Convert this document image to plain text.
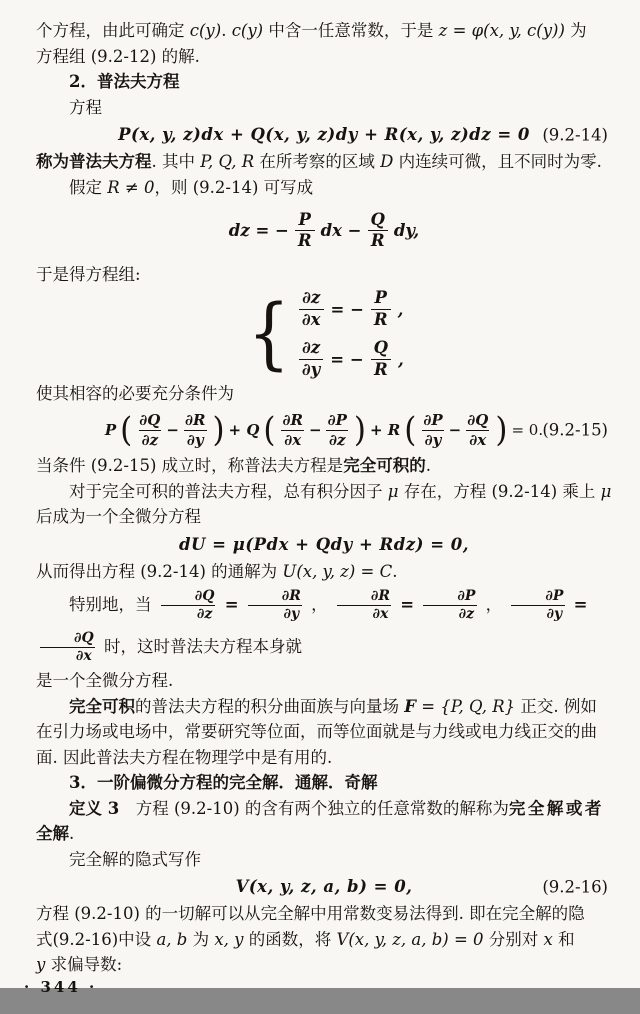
个方程，由此可确定 c(y). c(y) 中含一任意常数，于是 z = φ(x, y, c(y)) 为
方程组 (9.2-12) 的解.
2．普法夫方程
方程
P(x, y, z)dx + Q(x, y, z)dy + R(x, y, z)dz = 0 (9.2-14)
称为普法夫方程. 其中 P, Q, R 在所考察的区域 D 内连续可微，且不同时为零.
假定 R ≠ 0，则 (9.2-14) 可写成
dz = − $\frac{P}{R}$ dx − $\frac{Q}{R}$ dy,
于是得方程组:
{ $\frac{\partial z}{\partial x}$ = − $\frac{P}{R}$ ,
$\frac{\partial z}{\partial y}$ = − $\frac{Q}{R}$ ,
使其相容的必要充分条件为
P ( $\frac{\partial Q}{\partial z} - \frac{\partial R}{\partial y}$ ) + Q ( $\frac{\partial R}{\partial x} - \frac{\partial P}{\partial z}$ ) + R ( $\frac{\partial P}{\partial y} - \frac{\partial Q}{\partial x}$ ) = 0. (9.2-15)
当条件 (9.2-15) 成立时，称普法夫方程是完全可积的.
对于完全可积的普法夫方程，总有积分因子 μ 存在，方程 (9.2-14) 乘上 μ
后成为一个全微分方程
dU = μ(Pdx + Qdy + Rdz) = 0,
从而得出方程 (9.2-14) 的通解为 U(x, y, z) = C.
特别地，当 $\frac{\partial Q}{\partial z} = \frac{\partial R}{\partial y}$ ， $\frac{\partial R}{\partial x} = \frac{\partial P}{\partial z}$ ， $\frac{\partial P}{\partial y}$ =
$\frac{\partial Q}{\partial x}$ 时，这时普法夫方程本身就
是一个全微分方程.
完全可积的普法夫方程的积分曲面族与向量场 F = {P, Q, R} 正交. 例如
在引力场或电场中，常要研究等位面，而等位面就是与力线或电力线正交的曲
面. 因此普法夫方程在物理学中是有用的.
3．一阶偏微分方程的完全解．通解．奇解
定义 3　方程 (9.2-10) 的含有两个独立的任意常数的解称为完全解或者
全解.
完全解的隐式写作
V(x, y, z, a, b) = 0,	(9.2-16)
方程 (9.2-10) 的一切解可以从完全解中用常数变易法得到. 即在完全解的隐
式(9.2-16)中设 a, b 为 x, y 的函数，将 V(x, y, z, a, b) = 0 分别对 x 和
y 求偏导数:
· 344 ·
